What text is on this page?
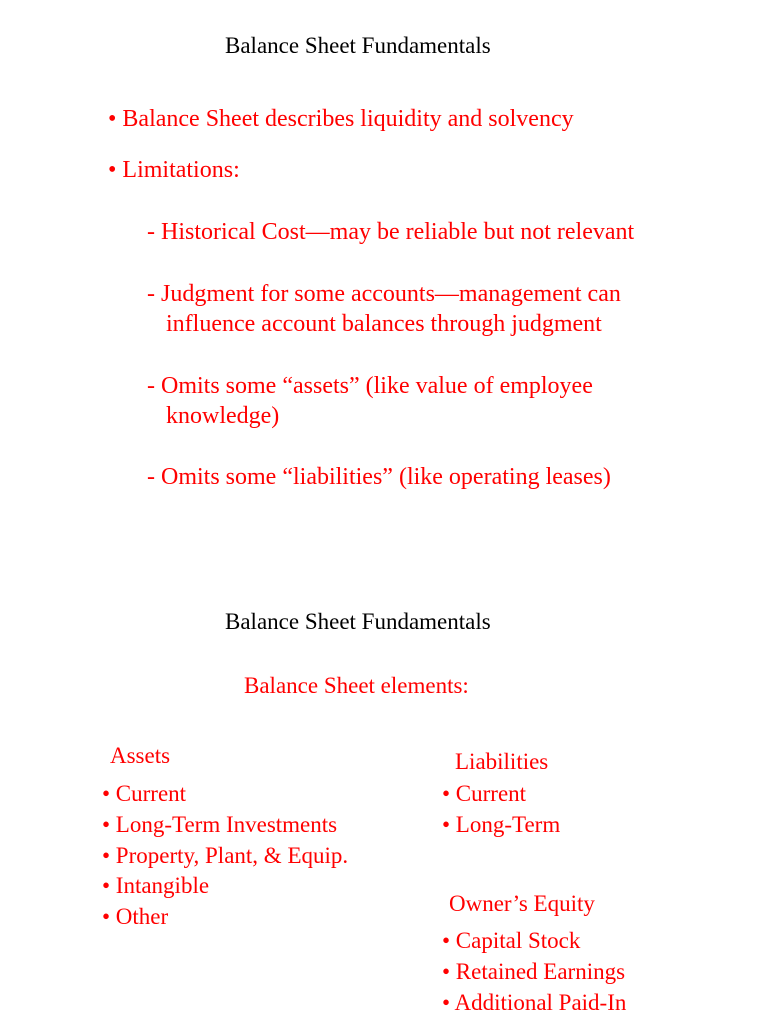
Balance Sheet Fundamentals
• Balance Sheet describes liquidity and solvency
• Limitations:
- Historical Cost—may be reliable but not relevant
- Judgment for some accounts—management can
influence account balances through judgment
- Omits some “assets” (like value of employee
knowledge)
- Omits some “liabilities” (like operating leases)
Balance Sheet Fundamentals
Balance Sheet elements:
Assets
• Current
• Long-Term Investments
• Property, Plant, & Equip.
• Intangible
• Other
Liabilities
• Current
• Long-Term
Owner’s Equity
• Capital Stock
• Retained Earnings
• Additional Paid-In
